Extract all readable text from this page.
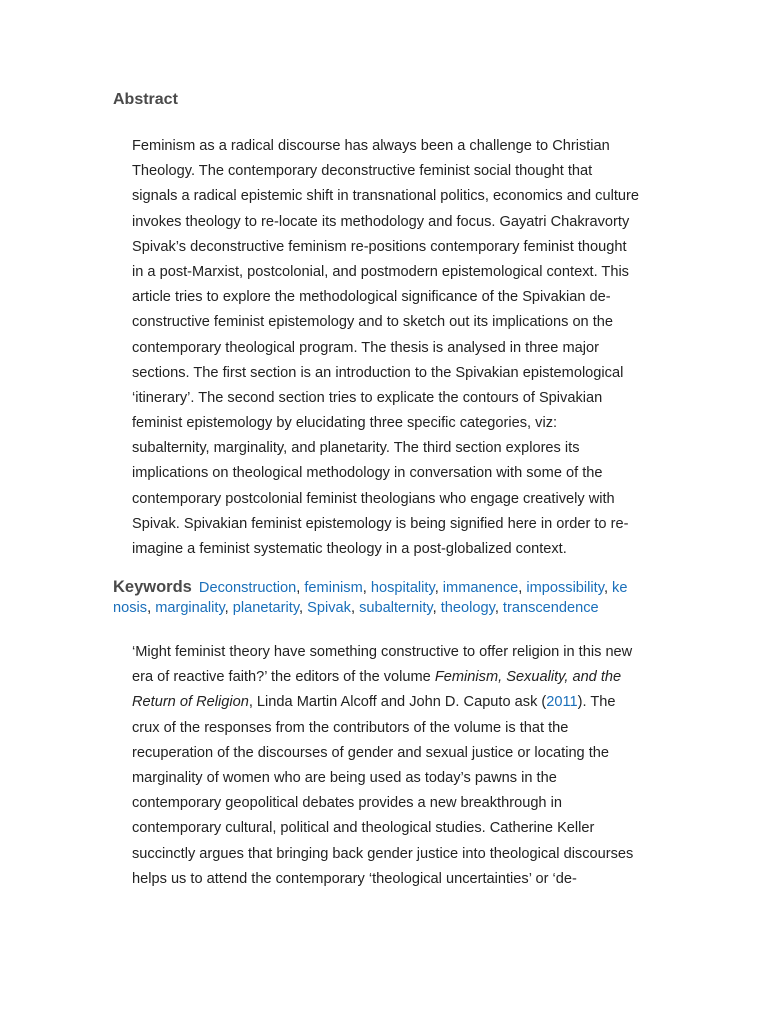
Abstract
Feminism as a radical discourse has always been a challenge to Christian
Theology. The contemporary deconstructive feminist social thought that
signals a radical epistemic shift in transnational politics, economics and culture
invokes theology to re-locate its methodology and focus. Gayatri Chakravorty
Spivak’s deconstructive feminism re-positions contemporary feminist thought
in a post-Marxist, postcolonial, and postmodern epistemological context. This
article tries to explore the methodological significance of the Spivakian de-
constructive feminist epistemology and to sketch out its implications on the
contemporary theological program. The thesis is analysed in three major
sections. The first section is an introduction to the Spivakian epistemological
‘itinerary’. The second section tries to explicate the contours of Spivakian
feminist epistemology by elucidating three specific categories, viz:
subalternity, marginality, and planetarity. The third section explores its
implications on theological methodology in conversation with some of the
contemporary postcolonial feminist theologians who engage creatively with
Spivak. Spivakian feminist epistemology is being signified here in order to re-
imagine a feminist systematic theology in a post-globalized context.
Keywords Deconstruction, feminism, hospitality, immanence, impossibility, ke
nosis, marginality, planetarity, Spivak, subalternity, theology, transcendence
‘Might feminist theory have something constructive to offer religion in this new
era of reactive faith?’ the editors of the volume Feminism, Sexuality, and the
Return of Religion, Linda Martin Alcoff and John D. Caputo ask (2011). The
crux of the responses from the contributors of the volume is that the
recuperation of the discourses of gender and sexual justice or locating the
marginality of women who are being used as today’s pawns in the
contemporary geopolitical debates provides a new breakthrough in
contemporary cultural, political and theological studies. Catherine Keller
succinctly argues that bringing back gender justice into theological discourses
helps us to attend the contemporary ‘theological uncertainties’ or ‘de-
